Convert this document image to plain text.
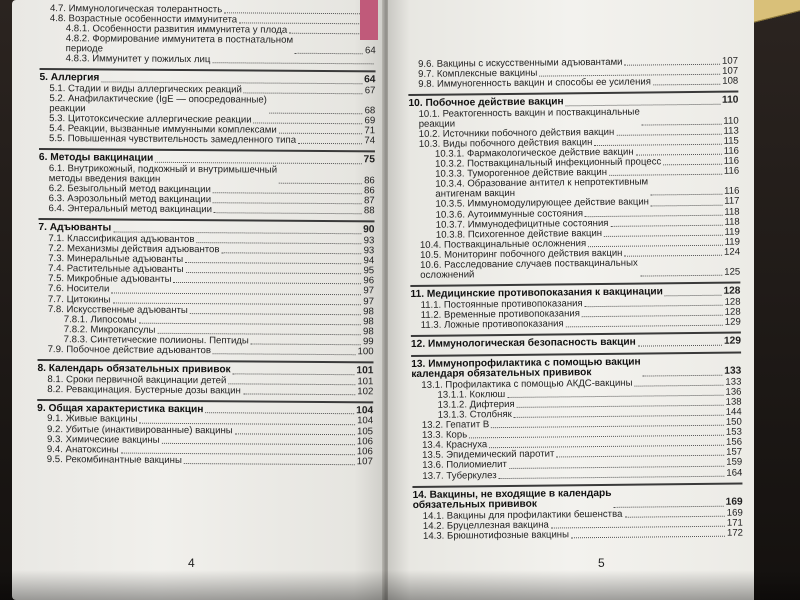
4.7. Иммунологическая толерантность
4.8. Возрастные особенности иммунитета
4.8.1. Особенности развития иммунитета у плода
4.8.2. Формирование иммунитета в постнатальном
периоде	64
4.8.3. Иммунитет у пожилых лиц
5. Аллергия	64
5.1. Стадии и виды аллергических реакций	67
5.2. Анафилактические (IgE — опосредованные)
реакции	68
5.3. Цитотоксические аллергические реакции	69
5.4. Реакции, вызванные иммунными комплексами	71
5.5. Повышенная чувствительность замедленного типа	74
6. Методы вакцинации	75
6.1. Внутрикожный, подкожный и внутримышечный
методы введения вакцин	86
6.2. Безыгольный метод вакцинации	86
6.3. Аэрозольный метод вакцинации	87
6.4. Энтеральный метод вакцинации	88
7. Адъюванты	90
7.1. Классификация адъювантов	93
7.2. Механизмы действия адъювантов	93
7.3. Минеральные адъюванты	94
7.4. Растительные адъюванты	95
7.5. Микробные адъюванты	96
7.6. Носители	97
7.7. Цитокины	97
7.8. Искусственные адъюванты	98
7.8.1. Липосомы	98
7.8.2. Микрокапсулы	98
7.8.3. Синтетические полиионы. Пептиды	99
7.9. Побочное действие адъювантов	100
8. Календарь обязательных прививок	101
8.1. Сроки первичной вакцинации детей	101
8.2. Ревакцинация. Бустерные дозы вакцин	102
9. Общая характеристика вакцин	104
9.1. Живые вакцины	104
9.2. Убитые (инактивированные) вакцины	105
9.3. Химические вакцины	106
9.4. Анатоксины	106
9.5. Рекомбинантные вакцины	107
4
9.6. Вакцины с искусственными адъювантами	107
9.7. Комплексные вакцины	107
9.8. Иммуногенность вакцин и способы ее усиления	108
10. Побочное действие вакцин	110
10.1. Реактогенность вакцин и поствакцинальные
реакции	110
10.2. Источники побочного действия вакцин	113
10.3. Виды побочного действия вакцин	115
10.3.1. Фармакологическое действие вакцин	116
10.3.2. Поствакцинальный инфекционный процесс	116
10.3.3. Туморогенное действие вакцин	116
10.3.4. Образование антител к непротективным
антигенам вакцин	116
10.3.5. Иммуномодулирующее действие вакцин	117
10.3.6. Аутоиммунные состояния	118
10.3.7. Иммунодефицитные состояния	118
10.3.8. Психогенное действие вакцин	119
10.4. Поствакцинальные осложнения	119
10.5. Мониторинг побочного действия вакцин	124
10.6. Расследование случаев поствакцинальных
осложнений	125
11. Медицинские противопоказания к вакцинации	128
11.1. Постоянные противопоказания	128
11.2. Временные противопоказания	128
11.3. Ложные противопоказания	129
12. Иммунологическая безопасность вакцин	129
13. Иммунопрофилактика с помощью вакцин
календаря обязательных прививок	133
13.1. Профилактика с помощью АКДС-вакцины	133
13.1.1. Коклюш	136
13.1.2. Дифтерия	138
13.1.3. Столбняк	144
13.2. Гепатит В	150
13.3. Корь	153
13.4. Краснуха	156
13.5. Эпидемический паротит	157
13.6. Полиомиелит	159
13.7. Туберкулез	164
14. Вакцины, не входящие в календарь
обязательных прививок	169
14.1. Вакцины для профилактики бешенства	169
14.2. Бруцеллезная вакцина	171
14.3. Брюшнотифозные вакцины	172
5
